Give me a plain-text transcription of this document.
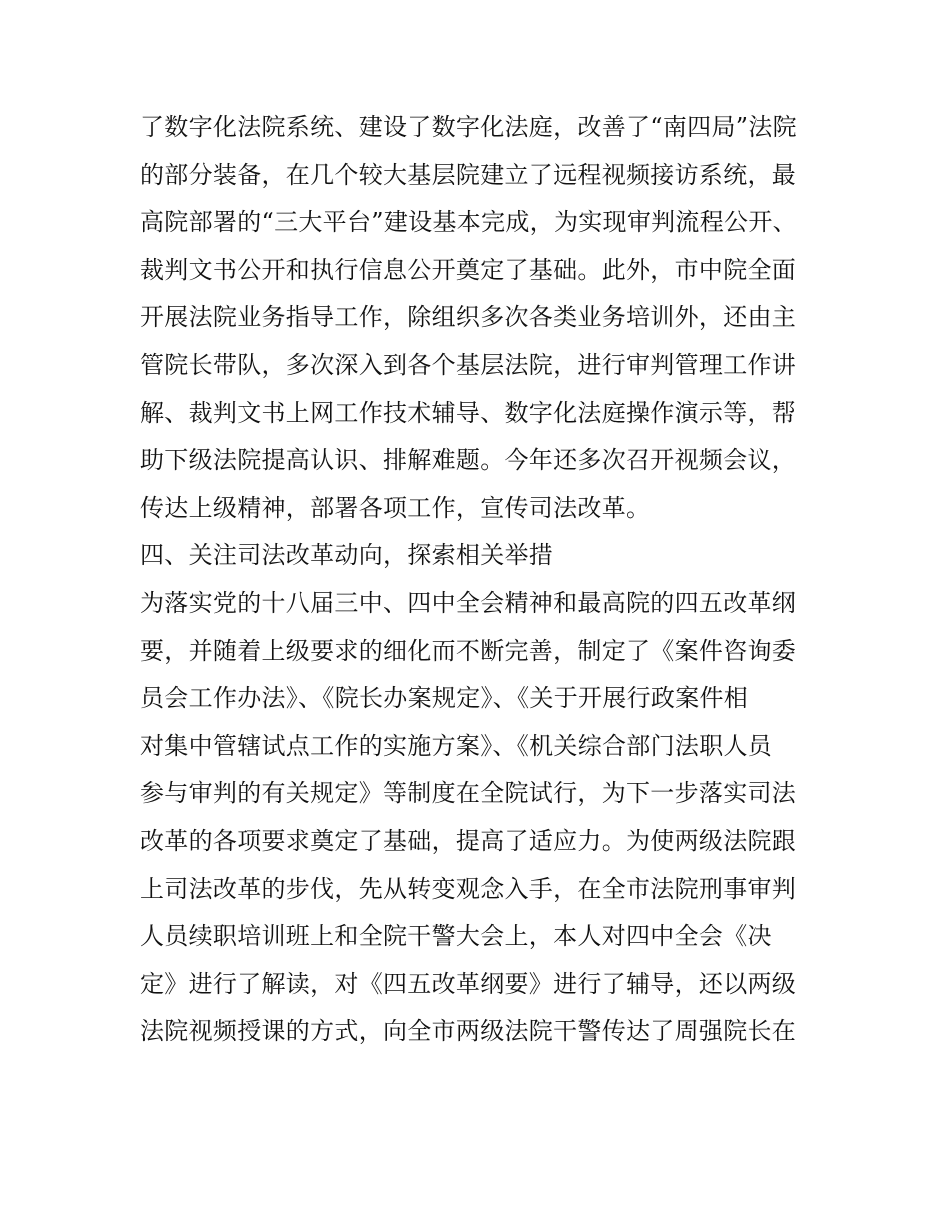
了数字化法院系统、建设了数字化法庭，改善了“南四局”法院
的部分装备，在几个较大基层院建立了远程视频接访系统，最
高院部署的“三大平台”建设基本完成，为实现审判流程公开、
裁判文书公开和执行信息公开奠定了基础。此外，市中院全面
开展法院业务指导工作，除组织多次各类业务培训外，还由主
管院长带队，多次深入到各个基层法院，进行审判管理工作讲
解、裁判文书上网工作技术辅导、数字化法庭操作演示等，帮
助下级法院提高认识、排解难题。今年还多次召开视频会议，
传达上级精神，部署各项工作，宣传司法改革。
四、关注司法改革动向，探索相关举措
为落实党的十八届三中、四中全会精神和最高院的四五改革纲
要，并随着上级要求的细化而不断完善，制定了《案件咨询委
员会工作办法》、《院长办案规定》、《关于开展行政案件相
对集中管辖试点工作的实施方案》、《机关综合部门法职人员
参与审判的有关规定》等制度在全院试行，为下一步落实司法
改革的各项要求奠定了基础，提高了适应力。为使两级法院跟
上司法改革的步伐，先从转变观念入手，在全市法院刑事审判
人员续职培训班上和全院干警大会上，本人对四中全会《决
定》进行了解读，对《四五改革纲要》进行了辅导，还以两级
法院视频授课的方式，向全市两级法院干警传达了周强院长在
